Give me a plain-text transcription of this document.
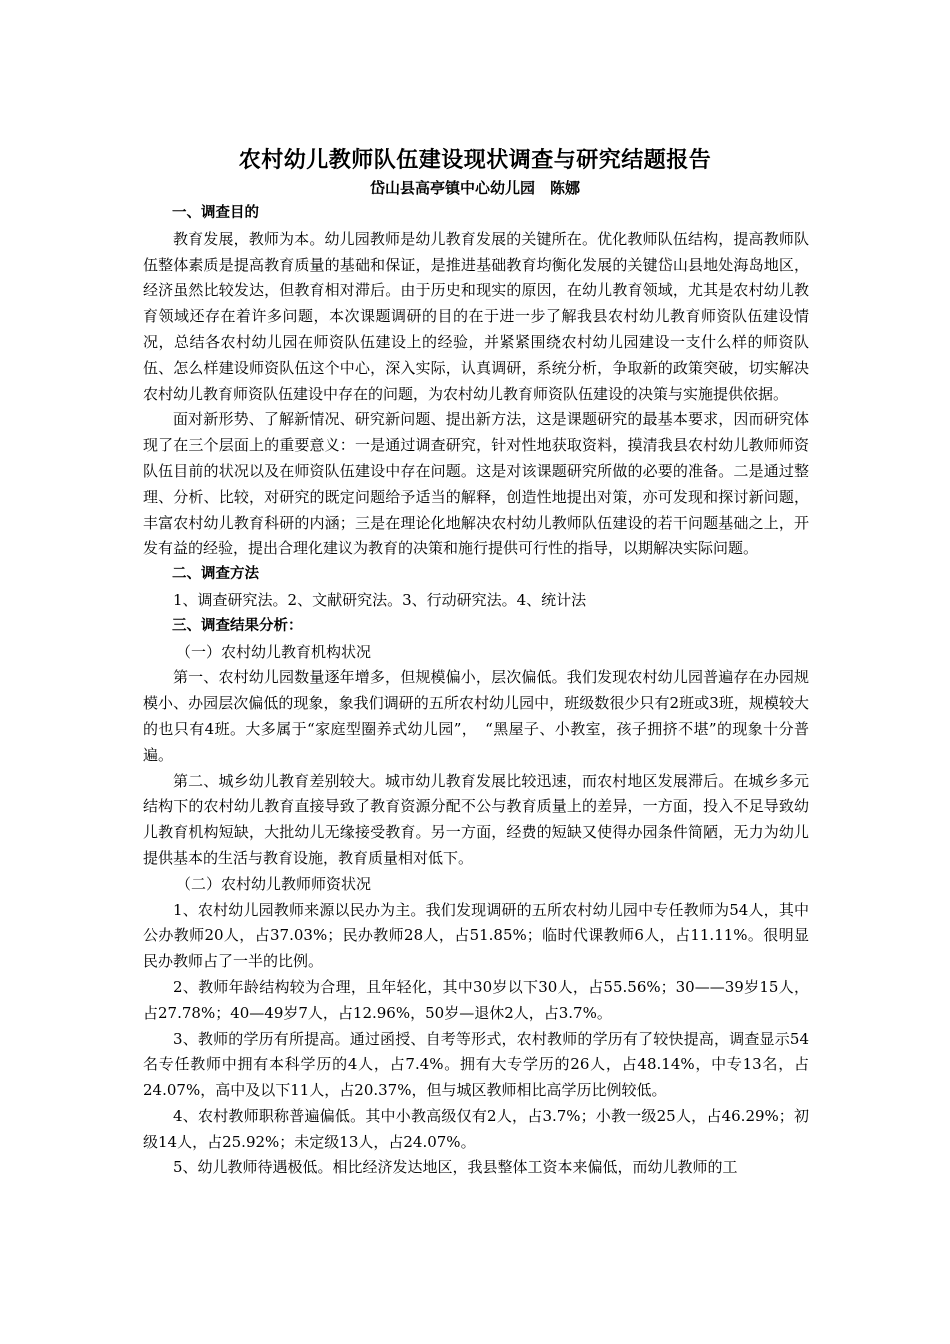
农村幼儿教师队伍建设现状调查与研究结题报告
岱山县高亭镇中心幼儿园　陈娜

一、调查目的

教育发展，教师为本。幼儿园教师是幼儿教育发展的关键所在。优化教师队伍结构，提高教师队伍整体素质是提高教育质量的基础和保证，是推进基础教育均衡化发展的关键岱山县地处海岛地区，经济虽然比较发达，但教育相对滞后。由于历史和现实的原因，在幼儿教育领域，尤其是农村幼儿教育领域还存在着许多问题，本次课题调研的目的在于进一步了解我县农村幼儿教育师资队伍建设情况，总结各农村幼儿园在师资队伍建设上的经验，并紧紧围绕农村幼儿园建设一支什么样的师资队伍、怎么样建设师资队伍这个中心，深入实际，认真调研，系统分析，争取新的政策突破，切实解决农村幼儿教育师资队伍建设中存在的问题，为农村幼儿教育师资队伍建设的决策与实施提供依据。

面对新形势、了解新情况、研究新问题、提出新方法，这是课题研究的最基本要求，因而研究体现了在三个层面上的重要意义：一是通过调查研究，针对性地获取资料，摸清我县农村幼儿教师师资队伍目前的状况以及在师资队伍建设中存在问题。这是对该课题研究所做的必要的准备。二是通过整理、分析、比较，对研究的既定问题给予适当的解释，创造性地提出对策，亦可发现和探讨新问题，丰富农村幼儿教育科研的内涵；三是在理论化地解决农村幼儿教师队伍建设的若干问题基础之上，开发有益的经验，提出合理化建议为教育的决策和施行提供可行性的指导，以期解决实际问题。

二、调查方法

1、调查研究法。2、文献研究法。3、行动研究法。4、统计法

三、调查结果分析：

（一）农村幼儿教育机构状况

第一、农村幼儿园数量逐年增多，但规模偏小，层次偏低。我们发现农村幼儿园普遍存在办园规模小、办园层次偏低的现象，象我们调研的五所农村幼儿园中，班级数很少只有2班或3班，规模较大的也只有4班。大多属于“家庭型圈养式幼儿园”，　“黑屋子、小教室，孩子拥挤不堪”的现象十分普遍。

第二、城乡幼儿教育差别较大。城市幼儿教育发展比较迅速，而农村地区发展滞后。在城乡多元结构下的农村幼儿教育直接导致了教育资源分配不公与教育质量上的差异，一方面，投入不足导致幼儿教育机构短缺，大批幼儿无缘接受教育。另一方面，经费的短缺又使得办园条件简陋，无力为幼儿提供基本的生活与教育设施，教育质量相对低下。

（二）农村幼儿教师师资状况

1、农村幼儿园教师来源以民办为主。我们发现调研的五所农村幼儿园中专任教师为54人，其中公办教师20人，占37.03%；民办教师28人，占51.85%；临时代课教师6人，占11.11%。很明显民办教师占了一半的比例。

2、教师年龄结构较为合理，且年轻化，其中30岁以下30人，占55.56%；30——39岁15人，占27.78%；40—49岁7人，占12.96%，50岁—退休2人，占3.7%。

3、教师的学历有所提高。通过函授、自考等形式，农村教师的学历有了较快提高，调查显示54名专任教师中拥有本科学历的4人，占7.4%。拥有大专学历的26人，占48.14%，中专13名，占24.07%，高中及以下11人，占20.37%，但与城区教师相比高学历比例较低。

4、农村教师职称普遍偏低。其中小教高级仅有2人，占3.7%；小教一级25人，占46.29%；初级14人，占25.92%；未定级13人，占24.07%。

5、幼儿教师待遇极低。相比经济发达地区，我县整体工资本来偏低，而幼儿教师的工
